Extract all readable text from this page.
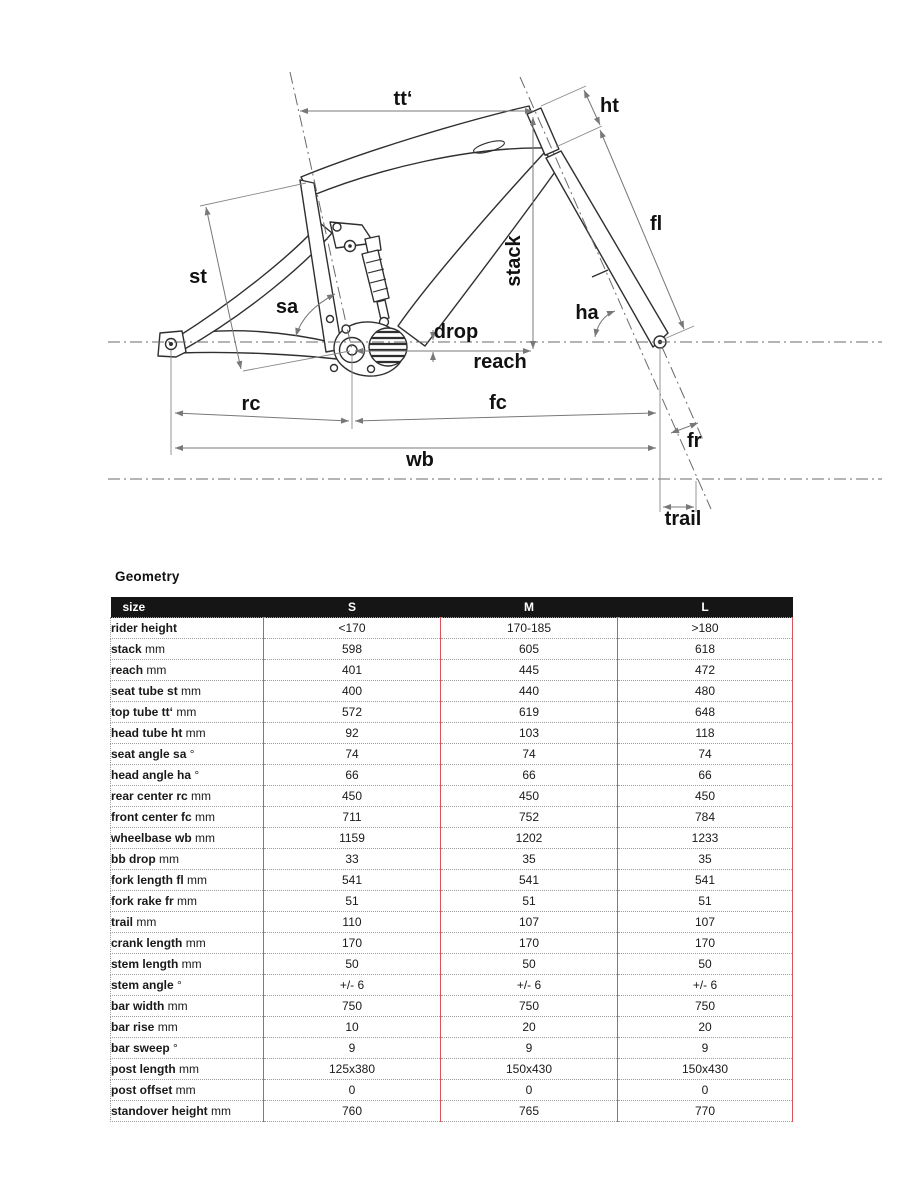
tt‘	ht
fl
st
sa
stack
ha
drop
reach
rc	fc
wb
fr
trail
Geometry
size	S	M	L
rider height	<170	170-185	>180
stack mm	598	605	618
reach mm	401	445	472
seat tube st mm	400	440	480
top tube tt‘ mm	572	619	648
head tube ht mm	92	103	118
seat angle sa °	74	74	74
head angle ha °	66	66	66
rear center rc mm	450	450	450
front center fc mm	711	752	784
wheelbase wb mm	1159	1202	1233
bb drop mm	33	35	35
fork length fl mm	541	541	541
fork rake fr mm	51	51	51
trail mm	110	107	107
crank length mm	170	170	170
stem length mm	50	50	50
stem angle °	+/- 6	+/- 6	+/- 6
bar width mm	750	750	750
bar rise mm	10	20	20
bar sweep °	9	9	9
post length mm	125x380	150x430	150x430
post offset mm	0	0	0
standover height mm	760	765	770
